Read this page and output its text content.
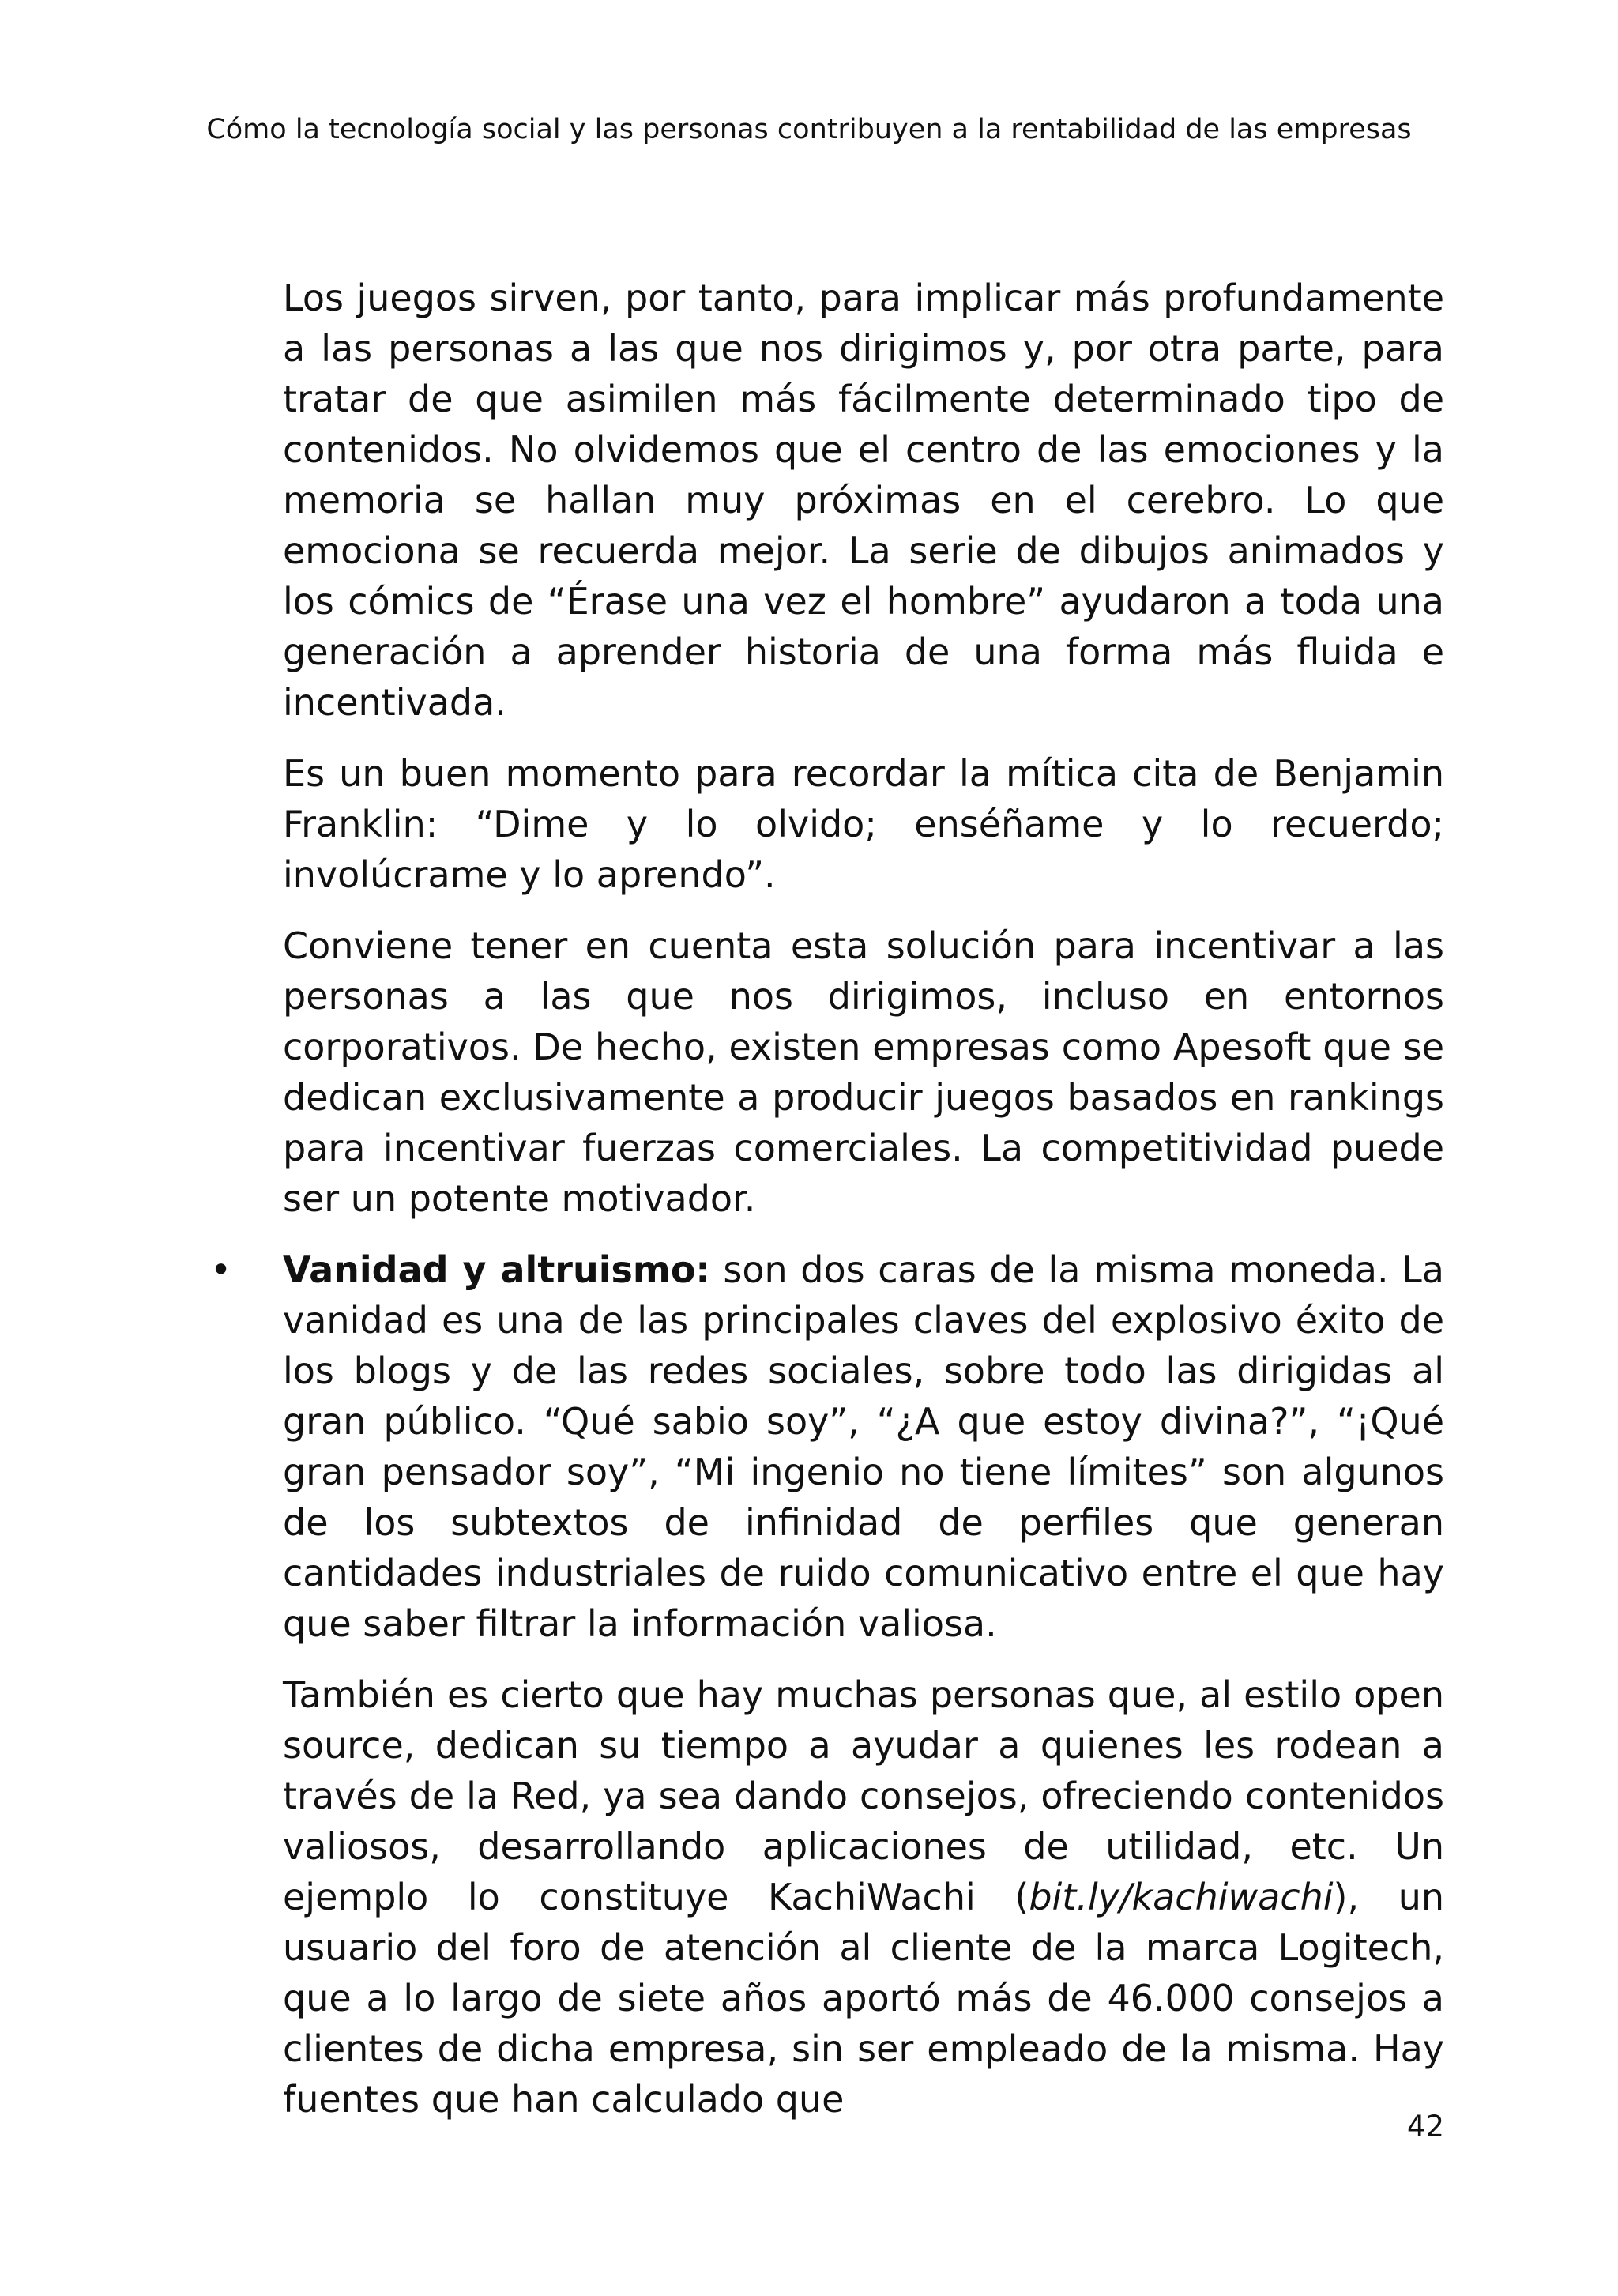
Cómo la tecnología social y las personas contribuyen a la rentabilidad de las empresas

Los juegos sirven, por tanto, para implicar más profundamente a las personas a las que nos dirigimos y, por otra parte, para tratar de que asimilen más fácilmente determinado tipo de contenidos. No olvidemos que el centro de las emociones y la memoria se hallan muy próximas en el cerebro. Lo que emociona se recuerda mejor. La serie de dibujos animados y los cómics de “Érase una vez el hombre” ayudaron a toda una generación a aprender historia de una forma más fluida e incentivada.

Es un buen momento para recordar la mítica cita de Benjamin Franklin: “Dime y lo olvido; enséñame y lo recuerdo; involúcrame y lo aprendo”.

Conviene tener en cuenta esta solución para incentivar a las personas a las que nos dirigimos, incluso en entornos corporativos. De hecho, existen empresas como Apesoft que se dedican exclusivamente a producir juegos basados en rankings para incentivar fuerzas comerciales. La competitividad puede ser un potente motivador.

• Vanidad y altruismo: son dos caras de la misma moneda. La vanidad es una de las principales claves del explosivo éxito de los blogs y de las redes sociales, sobre todo las dirigidas al gran público. “Qué sabio soy”, “¿A que estoy divina?”, “¡Qué gran pensador soy”, “Mi ingenio no tiene límites” son algunos de los subtextos de infinidad de perfiles que generan cantidades industriales de ruido comunicativo entre el que hay que saber filtrar la información valiosa.

También es cierto que hay muchas personas que, al estilo open source, dedican su tiempo a ayudar a quienes les rodean a través de la Red, ya sea dando consejos, ofreciendo contenidos valiosos, desarrollando aplicaciones de utilidad, etc. Un ejemplo lo constituye KachiWachi (bit.ly/kachiwachi), un usuario del foro de atención al cliente de la marca Logitech, que a lo largo de siete años aportó más de 46.000 consejos a clientes de dicha empresa, sin ser empleado de la misma. Hay fuentes que han calculado que

42
